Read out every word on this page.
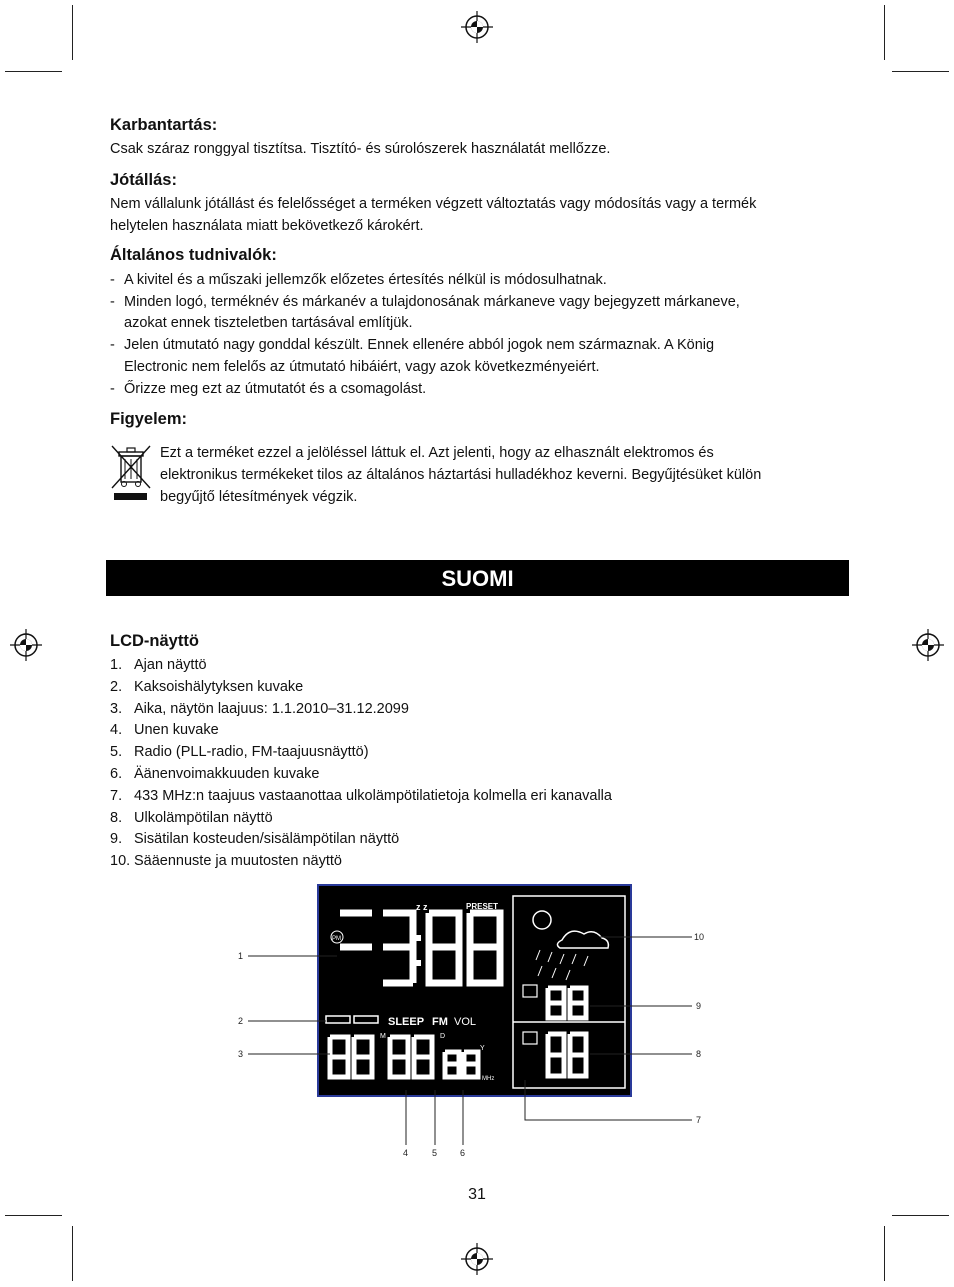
Karbantartás:
Csak száraz ronggyal tisztítsa. Tisztító- és súrolószerek használatát mellőzze.
Jótállás:
Nem vállalunk jótállást és felelősséget a terméken végzett változtatás vagy módosítás vagy a termék
helytelen használata miatt bekövetkező károkért.
Általános tudnivalók:
- A kivitel és a műszaki jellemzők előzetes értesítés nélkül is módosulhatnak.
- Minden logó, terméknév és márkanév a tulajdonosának márkaneve vagy bejegyzett márkaneve,
azokat ennek tiszteletben tartásával említjük.
- Jelen útmutató nagy gonddal készült. Ennek ellenére abból jogok nem származnak. A König
Electronic nem felelős az útmutató hibáiért, vagy azok következményeiért.
- Őrizze meg ezt az útmutatót és a csomagolást.
Figyelem:
Ezt a terméket ezzel a jelöléssel láttuk el. Azt jelenti, hogy az elhasznált elektromos és
elektronikus termékeket tilos az általános háztartási hulladékhoz keverni. Begyűjtésüket külön
begyűjtő létesítmények végzik.
SUOMI
LCD-näyttö
1. Ajan näyttö
2. Kaksoishälytyksen kuvake
3. Aika, näytön laajuus: 1.1.2010–31.12.2099
4. Unen kuvake
5. Radio (PLL-radio, FM-taajuusnäyttö)
6. Äänenvoimakkuuden kuvake
7. 433 MHz:n taajuus vastaanottaa ulkolämpötilatietoja kolmella eri kanavalla
8. Ulkolämpötilan näyttö
9. Sisätilan kosteuden/sisälämpötilan näyttö
10. Sääennuste ja muutosten näyttö
PM
z z	PRESET
SLEEP FM VOL
M	D
Y
MHz
1
2
3
4	5	6
7
8
9
10
31
